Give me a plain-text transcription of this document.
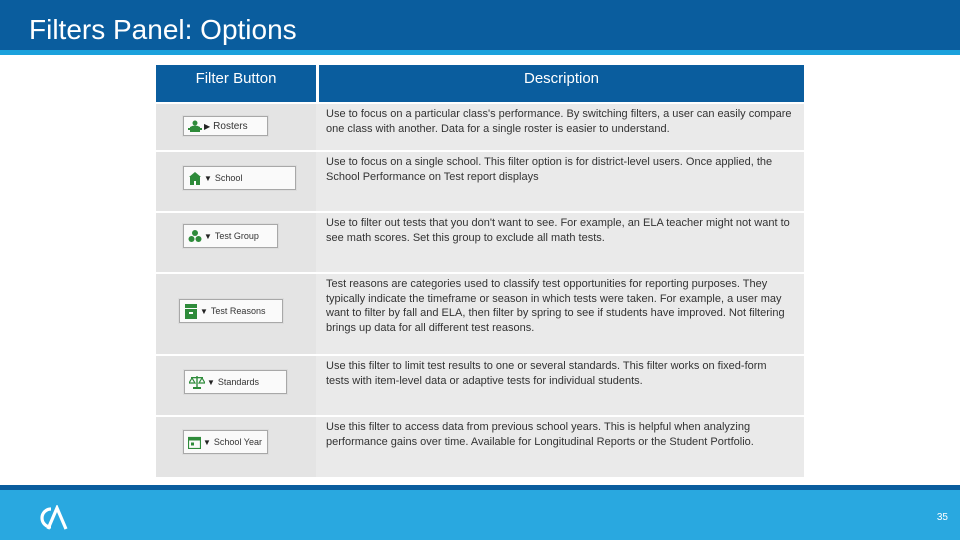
Filters Panel: Options
Filter Button	Description
▶ Rosters
Use to focus on a particular class's performance. By switching filters, a user can easily compare one class with another. Data for a single roster is easier to understand.
▼ School
Use to focus on a single school. This filter option is for district-level users. Once applied, the School Performance on Test report displays
▼ Test Group
Use to filter out tests that you don't want to see. For example, an ELA teacher might not want to see math scores. Set this group to exclude all math tests.
▼ Test Reasons
Test reasons are categories used to classify test opportunities for reporting purposes. They typically indicate the timeframe or season in which tests were taken. For example, a user may want to filter by fall and ELA, then filter by spring to see if students have improved. Not filtering brings up data for all different test reasons.
▼ Standards
Use this filter to limit test results to one or several standards. This filter works on fixed-form tests with item-level data or adaptive tests for individual students.
▼ School Year
Use this filter to access data from previous school years. This is helpful when analyzing performance gains over time. Available for Longitudinal Reports or the Student Portfolio.
35
